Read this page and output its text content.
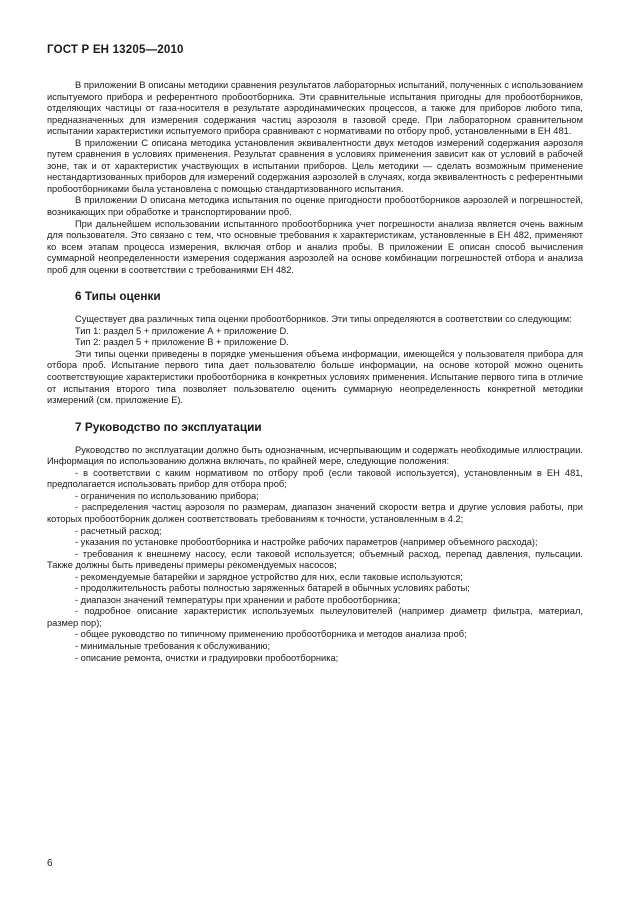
ГОСТ Р ЕН 13205—2010

В приложении В описаны методики сравнения результатов лабораторных испытаний, полученных с использованием испытуемого прибора и референтного пробоотборника. Эти сравнительные испытания пригодны для пробоотборников, отделяющих частицы от газа-носителя в результате аэродинамических процессов, а также для приборов любого типа, предназначенных для измерения содержания частиц аэрозоля в газовой среде. При лабораторном сравнительном испытании характеристики испытуемого прибора сравнивают с нормативами по отбору проб, установленными в ЕН 481.

В приложении С описана методика установления эквивалентности двух методов измерений содержания аэрозоля путем сравнения в условиях применения. Результат сравнения в условиях применения зависит как от условий в рабочей зоне, так и от характеристик участвующих в испытании приборов. Цель методики — сделать возможным применение нестандартизованных приборов для измерений содержания аэрозолей в случаях, когда эквивалентность с референтными пробоотборниками была установлена с помощью стандартизованного испытания.

В приложении D описана методика испытания по оценке пригодности пробоотборников аэрозолей и погрешностей, возникающих при обработке и транспортировании проб.

При дальнейшем использовании испытанного пробоотборника учет погрешности анализа является очень важным для пользователя. Это связано с тем, что основные требования к характеристикам, установленные в ЕН 482, применяют ко всем этапам процесса измерения, включая отбор и анализ пробы. В приложении Е описан способ вычисления суммарной неопределенности измерения содержания аэрозолей на основе комбинации погрешностей отбора и анализа проб для оценки в соответствии с требованиями ЕН 482.

6 Типы оценки

Существует два различных типа оценки пробоотборников. Эти типы определяются в соответствии со следующим:

Тип 1: раздел 5 + приложение А + приложение D.

Тип 2: раздел 5 + приложение В + приложение D.

Эти типы оценки приведены в порядке уменьшения объема информации, имеющейся у пользователя прибора для отбора проб. Испытание первого типа дает пользователю больше информации, на основе которой можно оценить соответствующие характеристики пробоотборника в конкретных условиях применения. Испытание первого типа в отличие от испытания второго типа позволяет пользователю оценить суммарную неопределенность конкретной методики измерений (см. приложение Е).

7 Руководство по эксплуатации

Руководство по эксплуатации должно быть однозначным, исчерпывающим и содержать необходимые иллюстрации. Информация по использованию должна включать, по крайней мере, следующие положения:

- в соответствии с каким нормативом по отбору проб (если таковой используется), установленным в ЕН 481, предполагается использовать прибор для отбора проб;

- ограничения по использованию прибора;

- распределения частиц аэрозоля по размерам, диапазон значений скорости ветра и другие условия работы, при которых пробоотборник должен соответствовать требованиям к точности, установленным в 4.2;

- расчетный расход;

- указания по установке пробоотборника и настройке рабочих параметров (например объемного расхода);

- требования к внешнему насосу, если таковой используется; объемный расход, перепад давления, пульсации. Также должны быть приведены примеры рекомендуемых насосов;

- рекомендуемые батарейки и зарядное устройство для них, если таковые используются;

- продолжительность работы полностью заряженных батарей в обычных условиях работы;

- диапазон значений температуры при хранении и работе пробоотборника;

- подробное описание характеристик используемых пылеуловителей (например диаметр фильтра, материал, размер пор);

- общее руководство по типичному применению пробоотборника и методов анализа проб;

- минимальные требования к обслуживанию;

- описание ремонта, очистки и градуировки пробоотборника;

6
